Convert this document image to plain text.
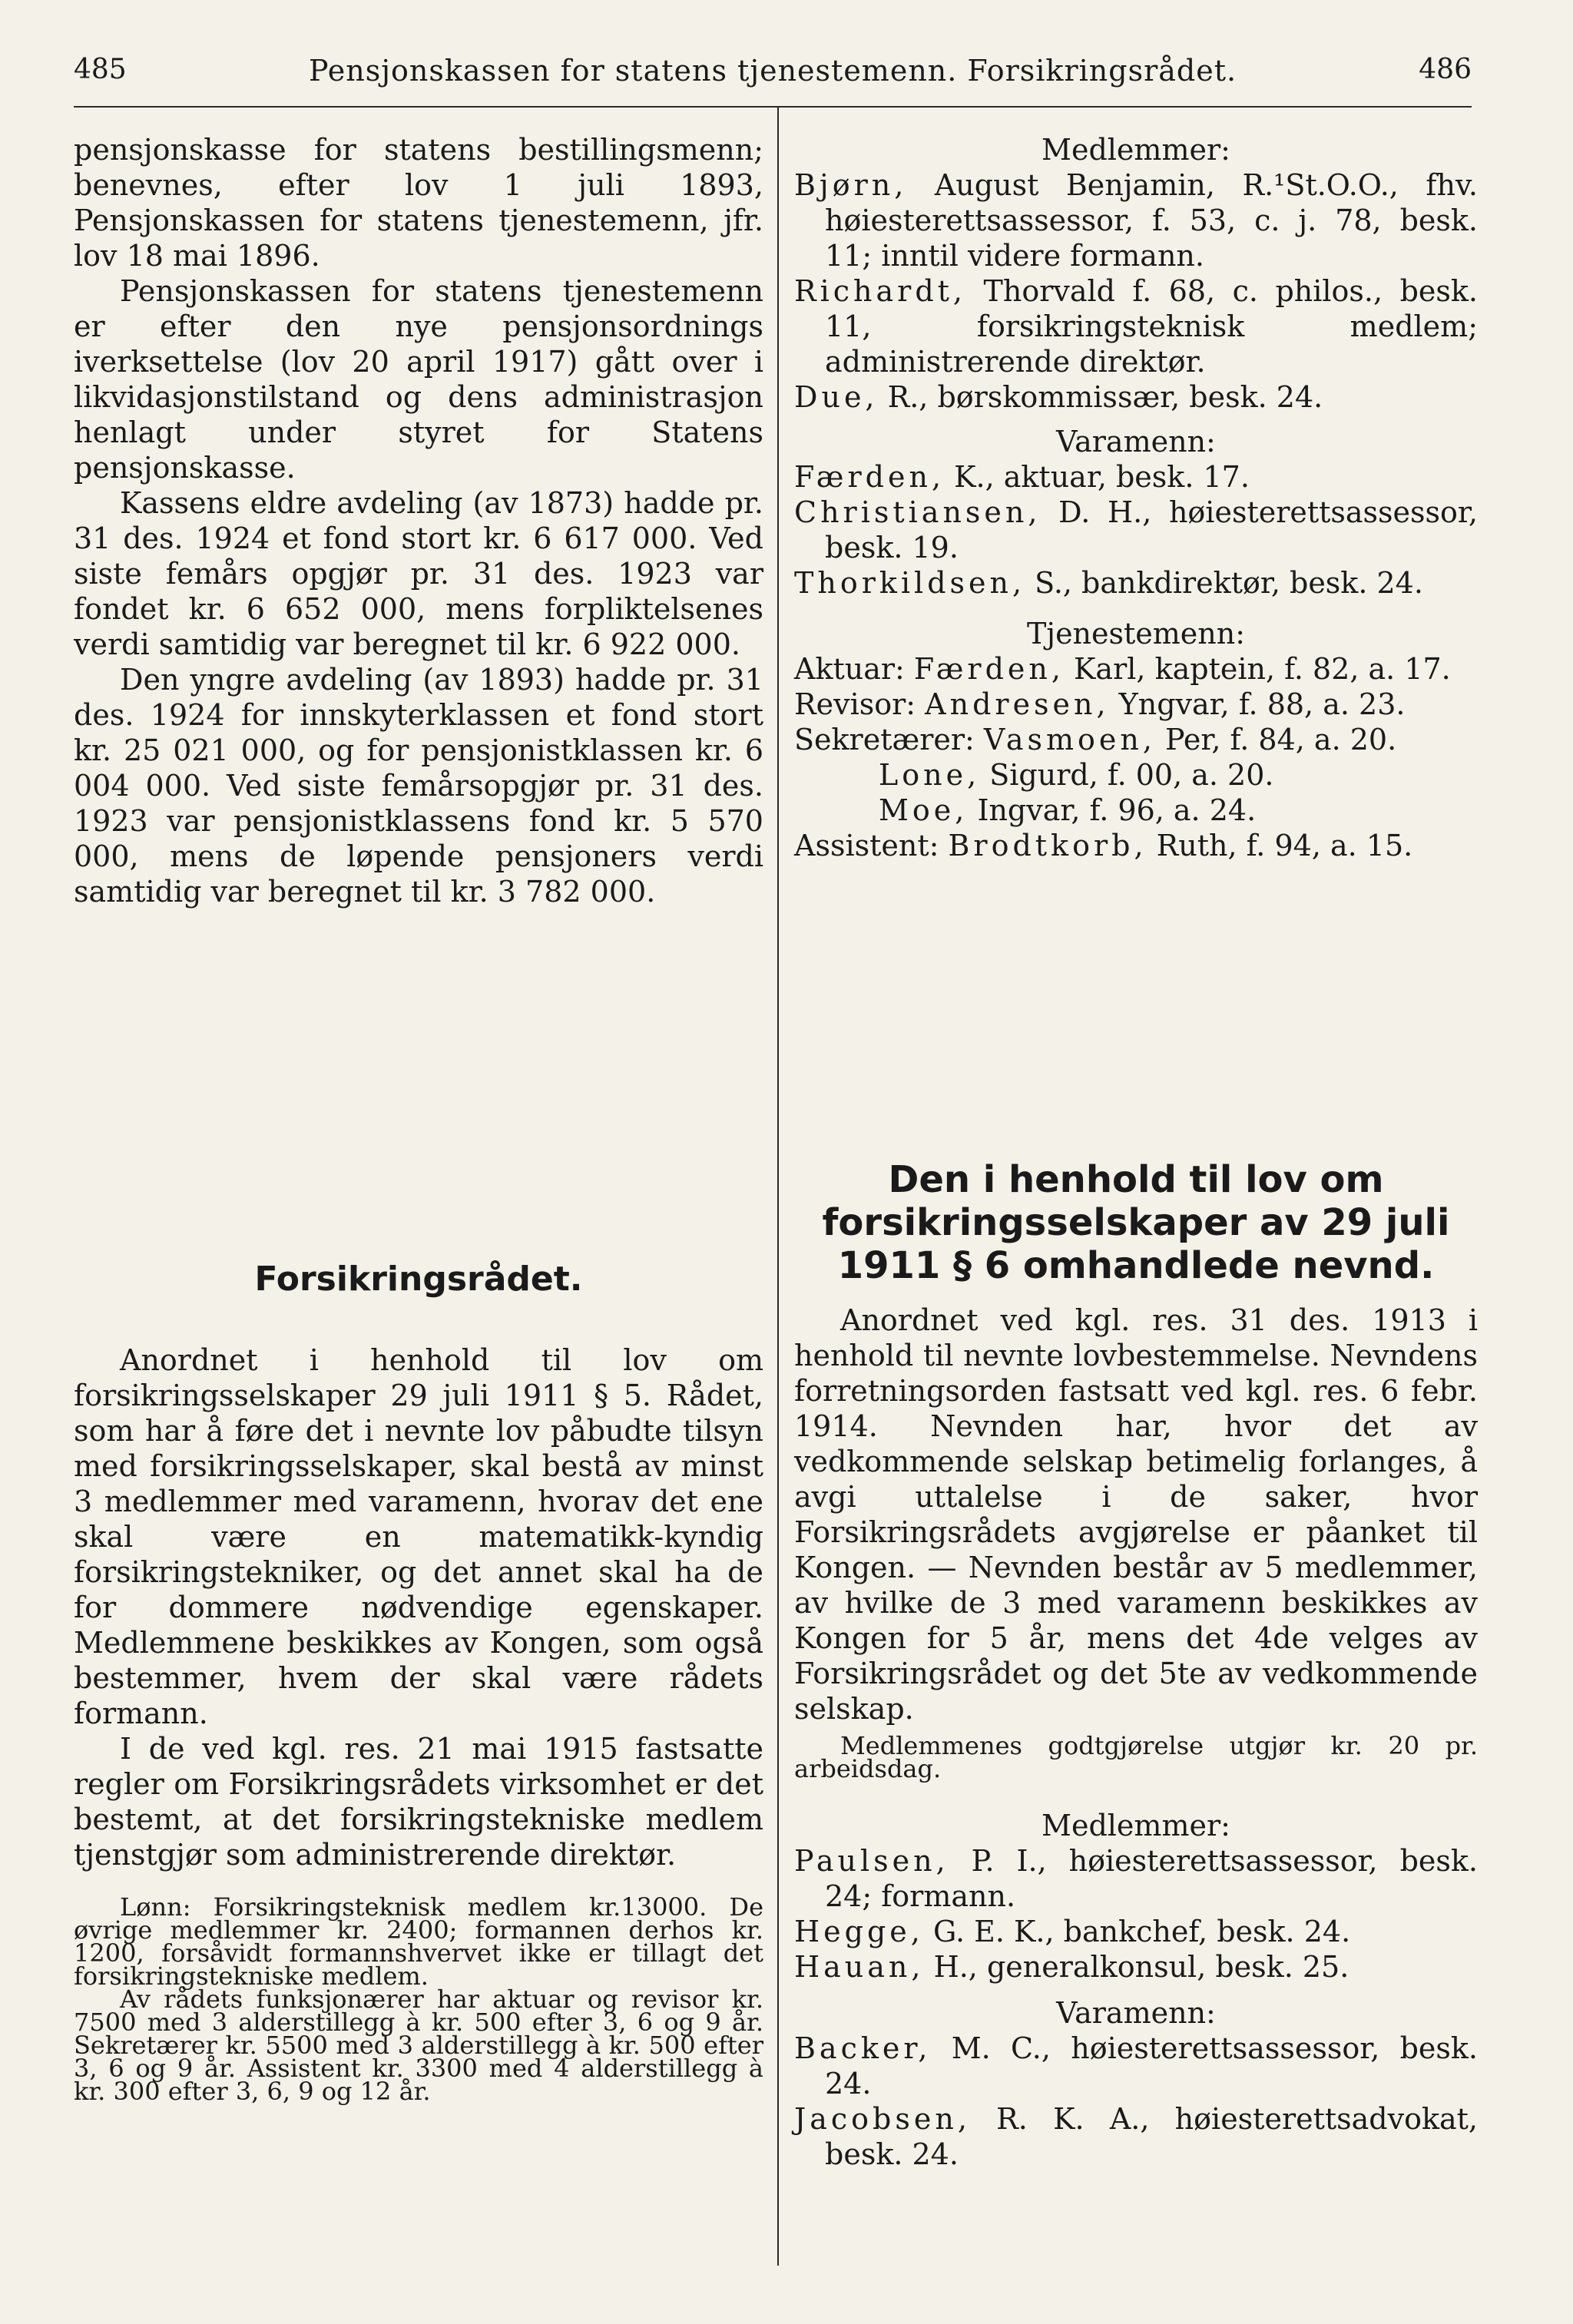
485	Pensjonskassen for statens tjenestemenn. Forsikringsrådet.	486

pensjonskasse for statens bestillingsmenn; benevnes, efter lov 1 juli 1893, Pensjonskassen for statens tjenestemenn, jfr. lov 18 mai 1896.

Pensjonskassen for statens tjenestemenn er efter den nye pensjonsordnings iverksettelse (lov 20 april 1917) gått over i likvidasjonstilstand og dens administrasjon henlagt under styret for Statens pensjonskasse.

Kassens eldre avdeling (av 1873) hadde pr. 31 des. 1924 et fond stort kr. 6 617 000. Ved siste femårs opgjør pr. 31 des. 1923 var fondet kr. 6 652 000, mens forpliktelsenes verdi samtidig var beregnet til kr. 6 922 000.

Den yngre avdeling (av 1893) hadde pr. 31 des. 1924 for innskyterklassen et fond stort kr. 25 021 000, og for pensjonistklassen kr. 6 004 000. Ved siste femårsopgjør pr. 31 des. 1923 var pensjonistklassens fond kr. 5 570 000, mens de løpende pensjoners verdi samtidig var beregnet til kr. 3 782 000.

Forsikringsrådet.

Anordnet i henhold til lov om forsikringsselskaper 29 juli 1911 § 5. Rådet, som har å føre det i nevnte lov påbudte tilsyn med forsikringsselskaper, skal bestå av minst 3 medlemmer med varamenn, hvorav det ene skal være en matematikk-kyndig forsikringstekniker, og det annet skal ha de for dommere nødvendige egenskaper. Medlemmene beskikkes av Kongen, som også bestemmer, hvem der skal være rådets formann.

I de ved kgl. res. 21 mai 1915 fastsatte regler om Forsikringsrådets virksomhet er det bestemt, at det forsikringstekniske medlem tjenstgjør som administrerende direktør.

Lønn: Forsikringsteknisk medlem kr.13000. De øvrige medlemmer kr. 2400; formannen derhos kr. 1200, forsåvidt formannshvervet ikke er tillagt det forsikringstekniske medlem.

Av rådets funksjonærer har aktuar og revisor kr. 7500 med 3 alderstillegg à kr. 500 efter 3, 6 og 9 år. Sekretærer kr. 5500 med 3 alderstillegg à kr. 500 efter 3, 6 og 9 år. Assistent kr. 3300 med 4 alderstillegg à kr. 300 efter 3, 6, 9 og 12 år.

Medlemmer:

Bjørn, August Benjamin, R.¹St.O.O., fhv. høiesterettsassessor, f. 53, c. j. 78, besk. 11; inntil videre formann.

Richardt, Thorvald f. 68, c. philos., besk. 11, forsikringsteknisk medlem; administrerende direktør.

Due, R., børskommissær, besk. 24.

Varamenn:

Færden, K., aktuar, besk. 17.

Christiansen, D. H., høiesterettsassessor, besk. 19.

Thorkildsen, S., bankdirektør, besk. 24.

Tjenestemenn:

Aktuar: Færden, Karl, kaptein, f. 82, a. 17.

Revisor: Andresen, Yngvar, f. 88, a. 23.

Sekretærer: Vasmoen, Per, f. 84, a. 20.

Lone, Sigurd, f. 00, a. 20.

Moe, Ingvar, f. 96, a. 24.

Assistent: Brodtkorb, Ruth, f. 94, a. 15.

Den i henhold til lov om forsikringsselskaper av 29 juli 1911 § 6 omhandlede nevnd.

Anordnet ved kgl. res. 31 des. 1913 i henhold til nevnte lovbestemmelse. Nevndens forretningsorden fastsatt ved kgl. res. 6 febr. 1914. Nevnden har, hvor det av vedkommende selskap betimelig forlanges, å avgi uttalelse i de saker, hvor Forsikringsrådets avgjørelse er påanket til Kongen. — Nevnden består av 5 medlemmer, av hvilke de 3 med varamenn beskikkes av Kongen for 5 år, mens det 4de velges av Forsikringsrådet og det 5te av vedkommende selskap.

Medlemmenes godtgjørelse utgjør kr. 20 pr. arbeidsdag.

Medlemmer:

Paulsen, P. I., høiesterettsassessor, besk. 24; formann.

Hegge, G. E. K., bankchef, besk. 24.

Hauan, H., generalkonsul, besk. 25.

Varamenn:

Backer, M. C., høiesterettsassessor, besk. 24.

Jacobsen, R. K. A., høiesterettsadvokat, besk. 24.
